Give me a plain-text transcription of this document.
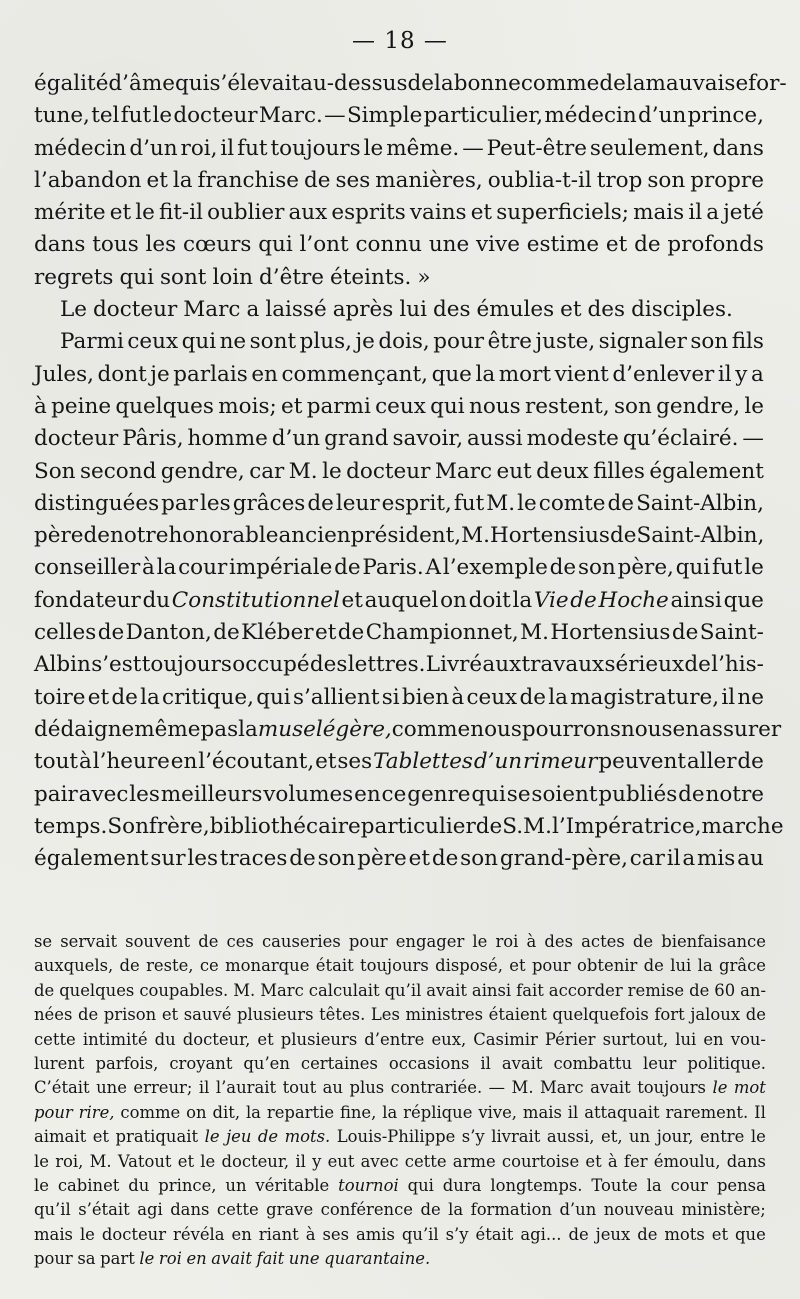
— 18 —
égalité d’âme qui s’élevait au-dessus de la bonne comme de la mauvaise for-
tune, tel fut le docteur Marc. — Simple particulier, médecin d’un prince,
médecin d’un roi, il fut toujours le même. — Peut-être seulement, dans
l’abandon et la franchise de ses manières, oublia-t-il trop son propre
mérite et le fit-il oublier aux esprits vains et superficiels; mais il a jeté
dans tous les cœurs qui l’ont connu une vive estime et de profonds
regrets qui sont loin d’être éteints. »
Le docteur Marc a laissé après lui des émules et des disciples.
Parmi ceux qui ne sont plus, je dois, pour être juste, signaler son fils
Jules, dont je parlais en commençant, que la mort vient d’enlever il y a
à peine quelques mois; et parmi ceux qui nous restent, son gendre, le
docteur Pâris, homme d’un grand savoir, aussi modeste qu’éclairé. —
Son second gendre, car M. le docteur Marc eut deux filles également
distinguées par les grâces de leur esprit, fut M. le comte de Saint-Albin,
père de notre honorable ancien président, M. Hortensius de Saint-Albin,
conseiller à la cour impériale de Paris. A l’exemple de son père, qui fut le
fondateur du Constitutionnel et auquel on doit la Vie de Hoche ainsi que
celles de Danton, de Kléber et de Championnet, M. Hortensius de Saint-
Albin s’est toujours occupé des lettres. Livré aux travaux sérieux de l’his-
toire et de la critique, qui s’allient si bien à ceux de la magistrature, il ne
dédaigne même pas la muse légère, comme nous pourrons nous en assurer
tout à l’heure en l’écoutant, et ses Tablettes d’un rimeur peuvent aller de
pair avec les meilleurs volumes en ce genre qui se soient publiés de notre
temps. Son frère, bibliothécaire particulier de S. M. l’Impératrice, marche
également sur les traces de son père et de son grand-père, car il a mis au
se servait souvent de ces causeries pour engager le roi à des actes de bienfaisance
auxquels, de reste, ce monarque était toujours disposé, et pour obtenir de lui la grâce
de quelques coupables. M. Marc calculait qu’il avait ainsi fait accorder remise de 60 an-
nées de prison et sauvé plusieurs têtes. Les ministres étaient quelquefois fort jaloux de
cette intimité du docteur, et plusieurs d’entre eux, Casimir Périer surtout, lui en vou-
lurent parfois, croyant qu’en certaines occasions il avait combattu leur politique.
C’était une erreur; il l’aurait tout au plus contrariée. — M. Marc avait toujours le mot
pour rire, comme on dit, la repartie fine, la réplique vive, mais il attaquait rarement. Il
aimait et pratiquait le jeu de mots. Louis-Philippe s’y livrait aussi, et, un jour, entre le
le roi, M. Vatout et le docteur, il y eut avec cette arme courtoise et à fer émoulu, dans
le cabinet du prince, un véritable tournoi qui dura longtemps. Toute la cour pensa
qu’il s’était agi dans cette grave conférence de la formation d’un nouveau ministère;
mais le docteur révéla en riant à ses amis qu’il s’y était agi... de jeux de mots et que
pour sa part le roi en avait fait une quarantaine.
